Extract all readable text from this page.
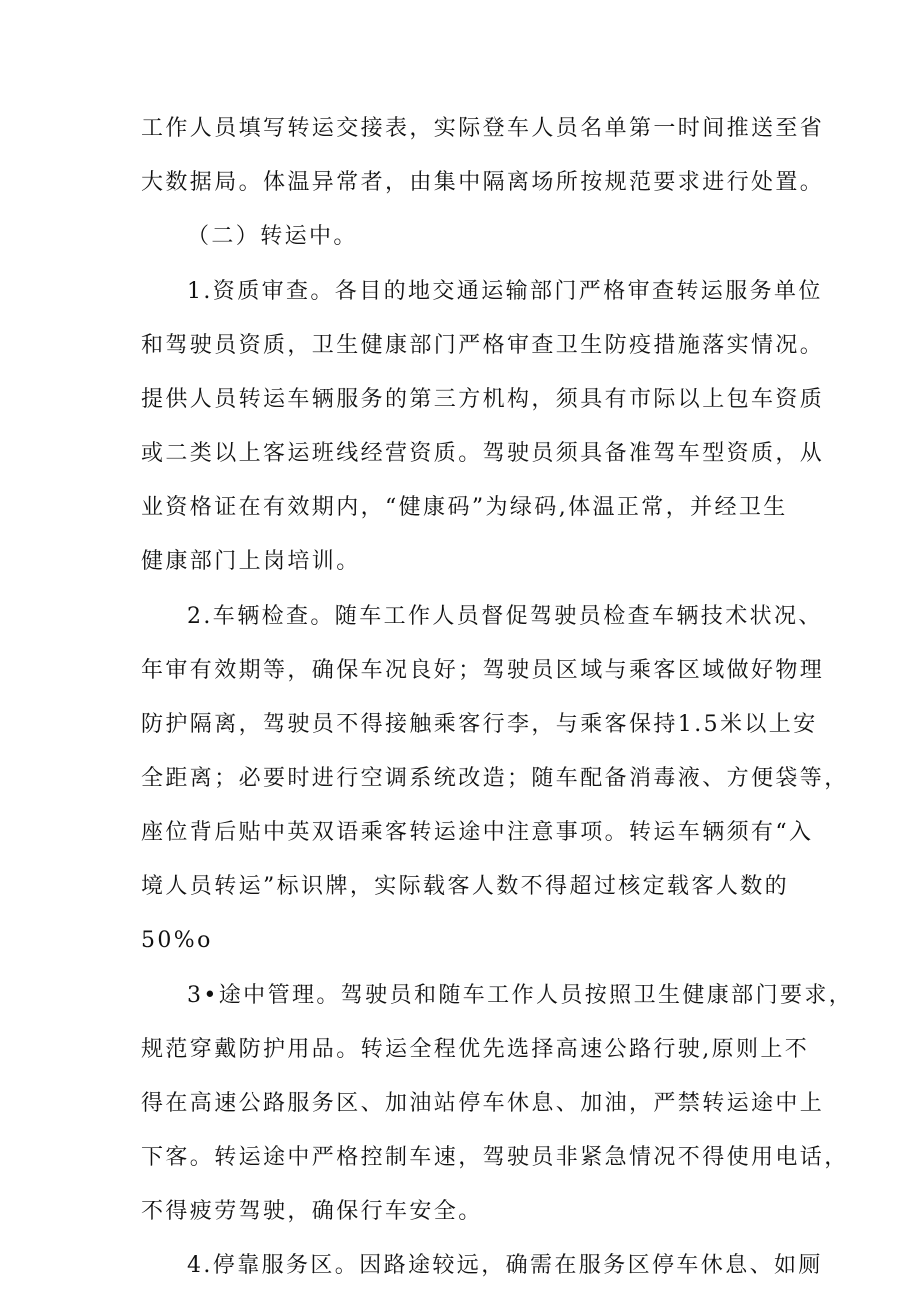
工作人员填写转运交接表，实际登车人员名单第一时间推送至省
大数据局。体温异常者，由集中隔离场所按规范要求进行处置。
（二）转运中。
1.资质审查。各目的地交通运输部门严格审查转运服务单位
和驾驶员资质，卫生健康部门严格审查卫生防疫措施落实情况。
提供人员转运车辆服务的第三方机构，须具有市际以上包车资质
或二类以上客运班线经营资质。驾驶员须具备准驾车型资质，从
业资格证在有效期内，“健康码”为绿码,体温正常，并经卫生
健康部门上岗培训。
2.车辆检查。随车工作人员督促驾驶员检查车辆技术状况、
年审有效期等，确保车况良好；驾驶员区域与乘客区域做好物理
防护隔离，驾驶员不得接触乘客行李，与乘客保持1.5米以上安
全距离；必要时进行空调系统改造；随车配备消毒液、方便袋等，
座位背后贴中英双语乘客转运途中注意事项。转运车辆须有“入
境人员转运”标识牌，实际载客人数不得超过核定载客人数的
50%o
3•途中管理。驾驶员和随车工作人员按照卫生健康部门要求，
规范穿戴防护用品。转运全程优先选择高速公路行驶,原则上不
得在高速公路服务区、加油站停车休息、加油，严禁转运途中上
下客。转运途中严格控制车速，驾驶员非紧急情况不得使用电话，
不得疲劳驾驶，确保行车安全。
4.停靠服务区。因路途较远，确需在服务区停车休息、如厕
